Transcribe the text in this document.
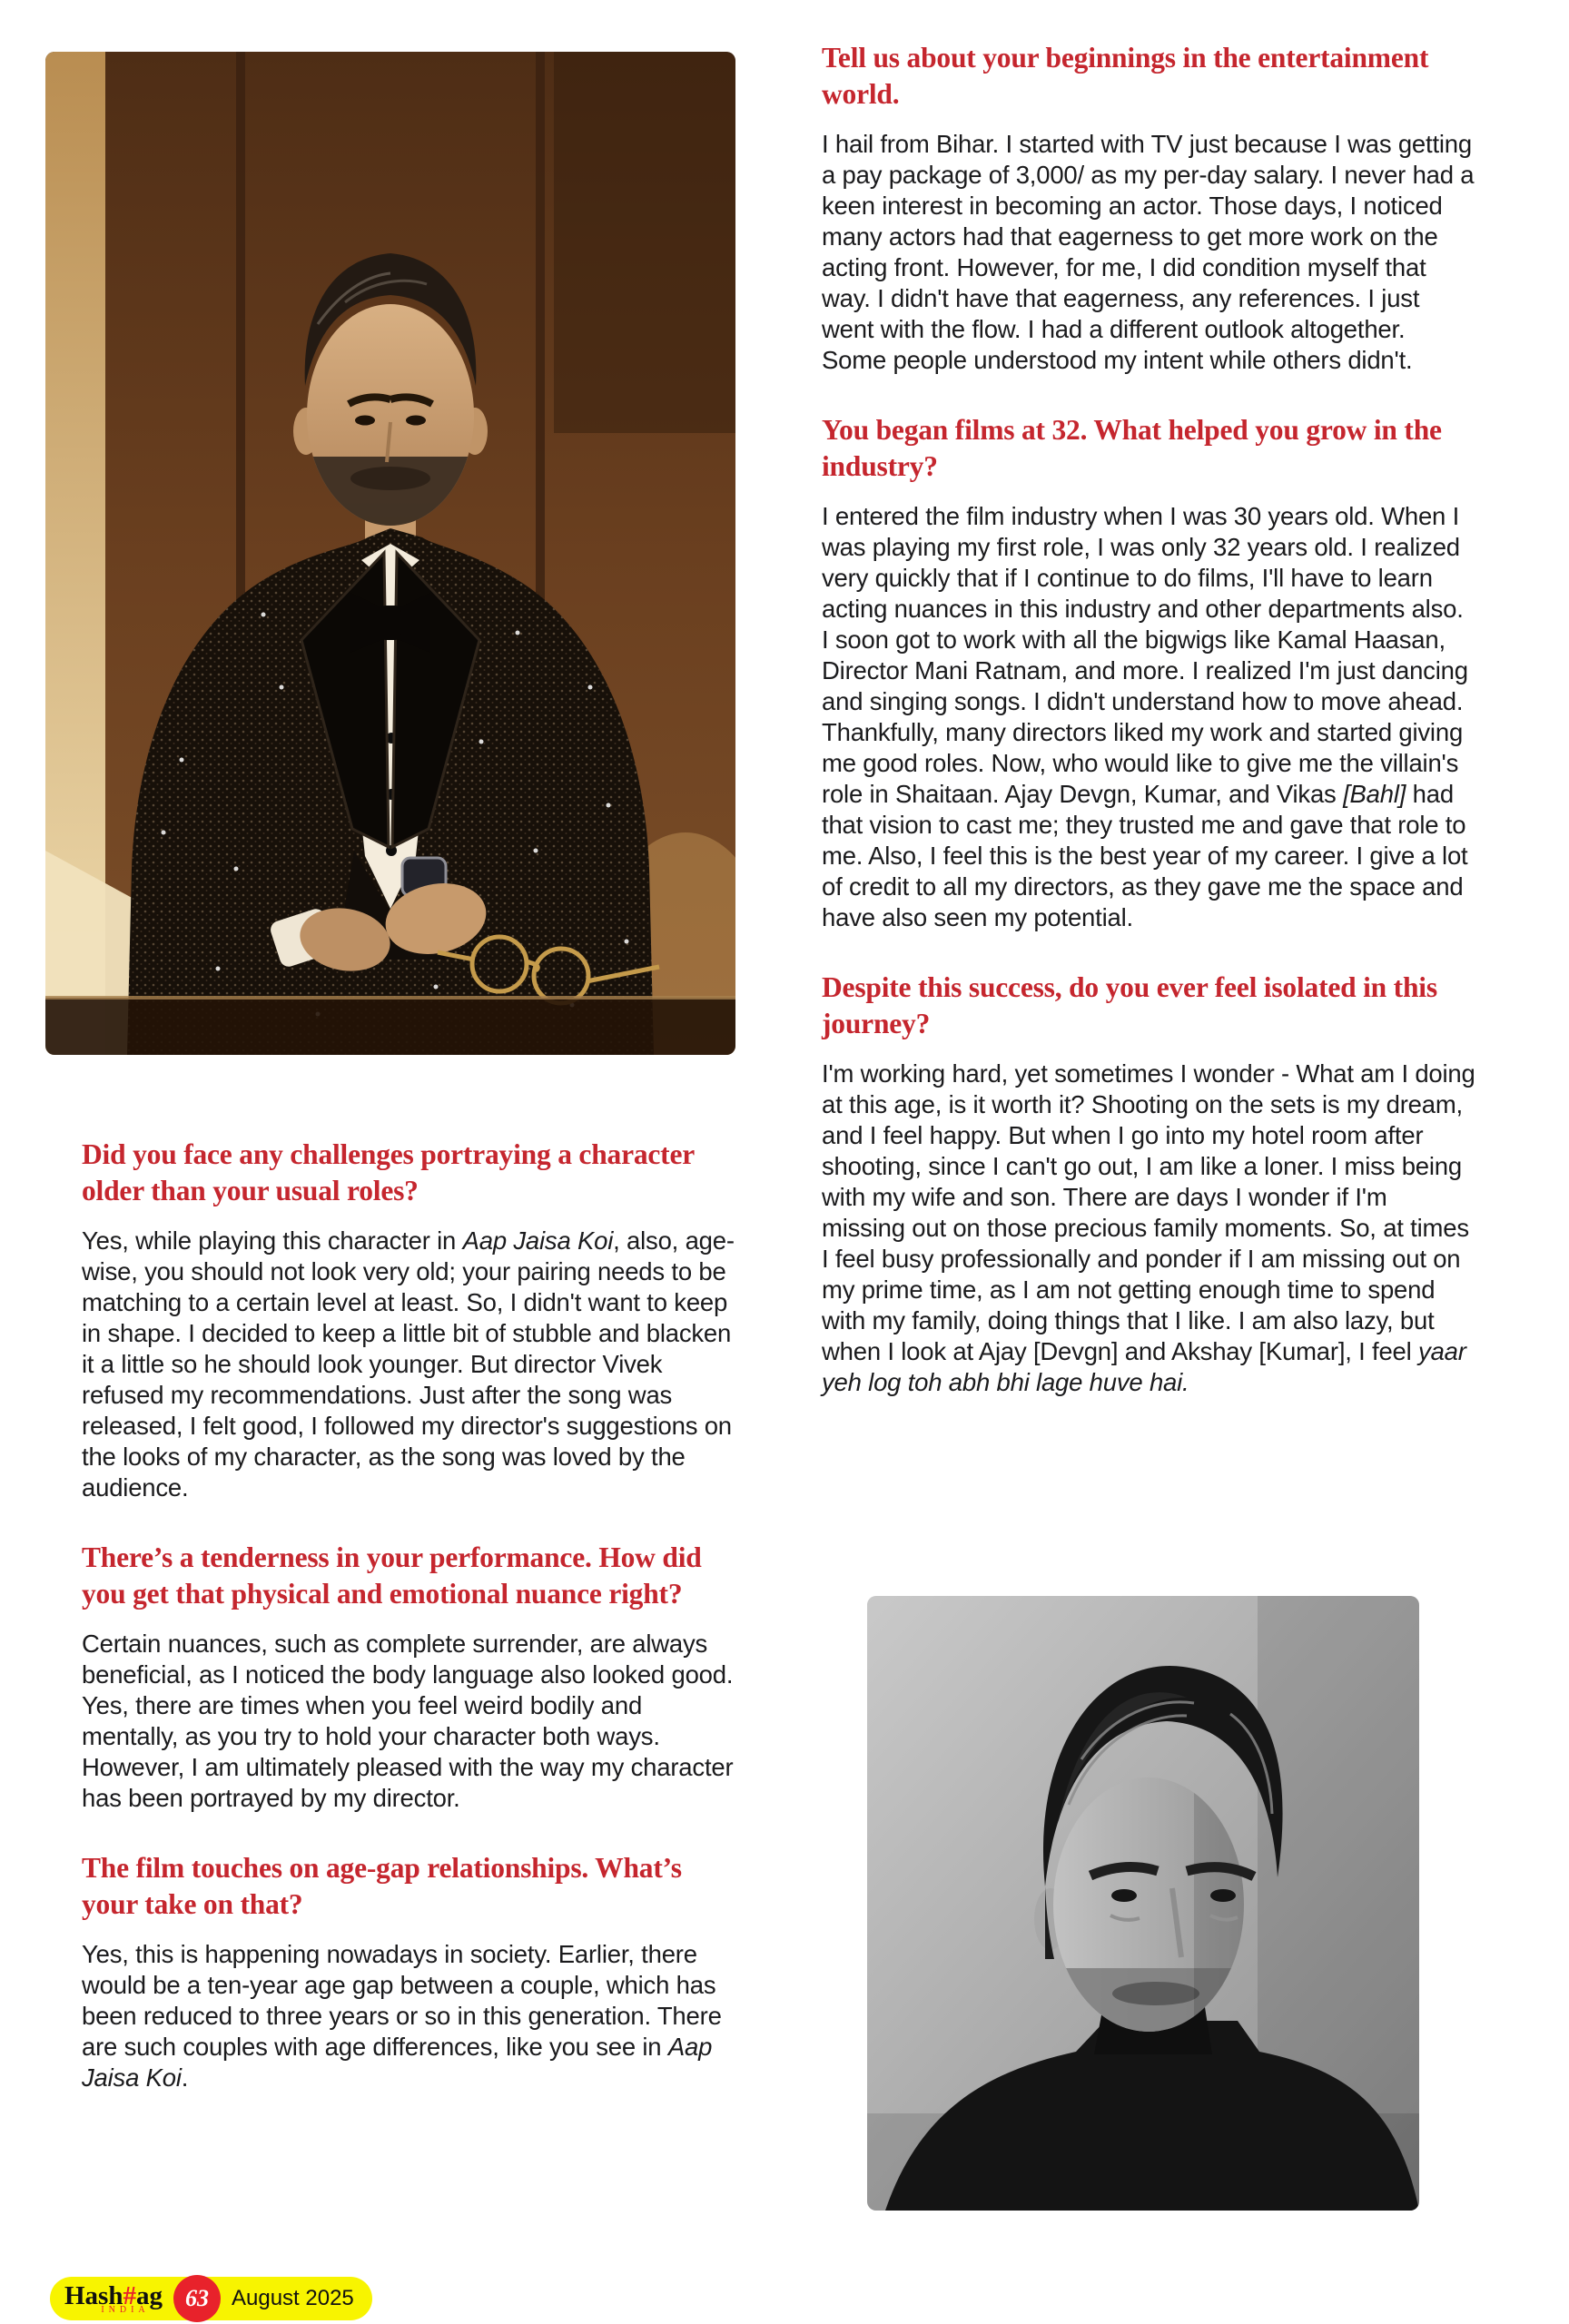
Did you face any challenges portraying a character older than your usual roles?

Yes, while playing this character in Aap Jaisa Koi, also, age-wise, you should not look very old; your pairing needs to be matching to a certain level at least. So, I didn't want to keep in shape. I decided to keep a little bit of stubble and blacken it a little so he should look younger. But director Vivek refused my recommendations. Just after the song was released, I felt good, I followed my director's suggestions on the looks of my character, as the song was loved by the audience.

There’s a tenderness in your performance. How did you get that physical and emotional nuance right?

Certain nuances, such as complete surrender, are always beneficial, as I noticed the body language also looked good. Yes, there are times when you feel weird bodily and mentally, as you try to hold your character both ways. However, I am ultimately pleased with the way my character has been portrayed by my director.

The film touches on age-gap relationships. What’s your take on that?

Yes, this is happening nowadays in society. Earlier, there would be a ten-year age gap between a couple, which has been reduced to three years or so in this generation. There are such couples with age differences, like you see in Aap Jaisa Koi.

Tell us about your beginnings in the entertainment world.

I hail from Bihar. I started with TV just because I was getting a pay package of 3,000/ as my per-day salary. I never had a keen interest in becoming an actor. Those days, I noticed many actors had that eagerness to get more work on the acting front. However, for me, I did condition myself that way. I didn't have that eagerness, any references. I just went with the flow. I had a different outlook altogether. Some people understood my intent while others didn't.

You began films at 32. What helped you grow in the industry?

I entered the film industry when I was 30 years old. When I was playing my first role, I was only 32 years old. I realized very quickly that if I continue to do films, I'll have to learn acting nuances in this industry and other departments also. I soon got to work with all the bigwigs like Kamal Haasan, Director Mani Ratnam, and more. I realized I'm just dancing and singing songs. I didn't understand how to move ahead. Thankfully, many directors liked my work and started giving me good roles. Now, who would like to give me the villain's role in Shaitaan. Ajay Devgn, Kumar, and Vikas [Bahl] had that vision to cast me; they trusted me and gave that role to me. Also, I feel this is the best year of my career. I give a lot of credit to all my directors, as they gave me the space and have also seen my potential.

Despite this success, do you ever feel isolated in this journey?

I'm working hard, yet sometimes I wonder - What am I doing at this age, is it worth it? Shooting on the sets is my dream, and I feel happy. But when I go into my hotel room after shooting, since I can't go out, I am like a loner. I miss being with my wife and son. There are days I wonder if I'm missing out on those precious family moments. So, at times I feel busy professionally and ponder if I am missing out on my prime time, as I am not getting enough time to spend with my family, doing things that I like. I am also lazy, but when I look at Ajay [Devgn] and Akshay [Kumar], I feel yaar yeh log toh abh bhi lage huve hai.

Hash#ag
INDIA 63 August 2025
